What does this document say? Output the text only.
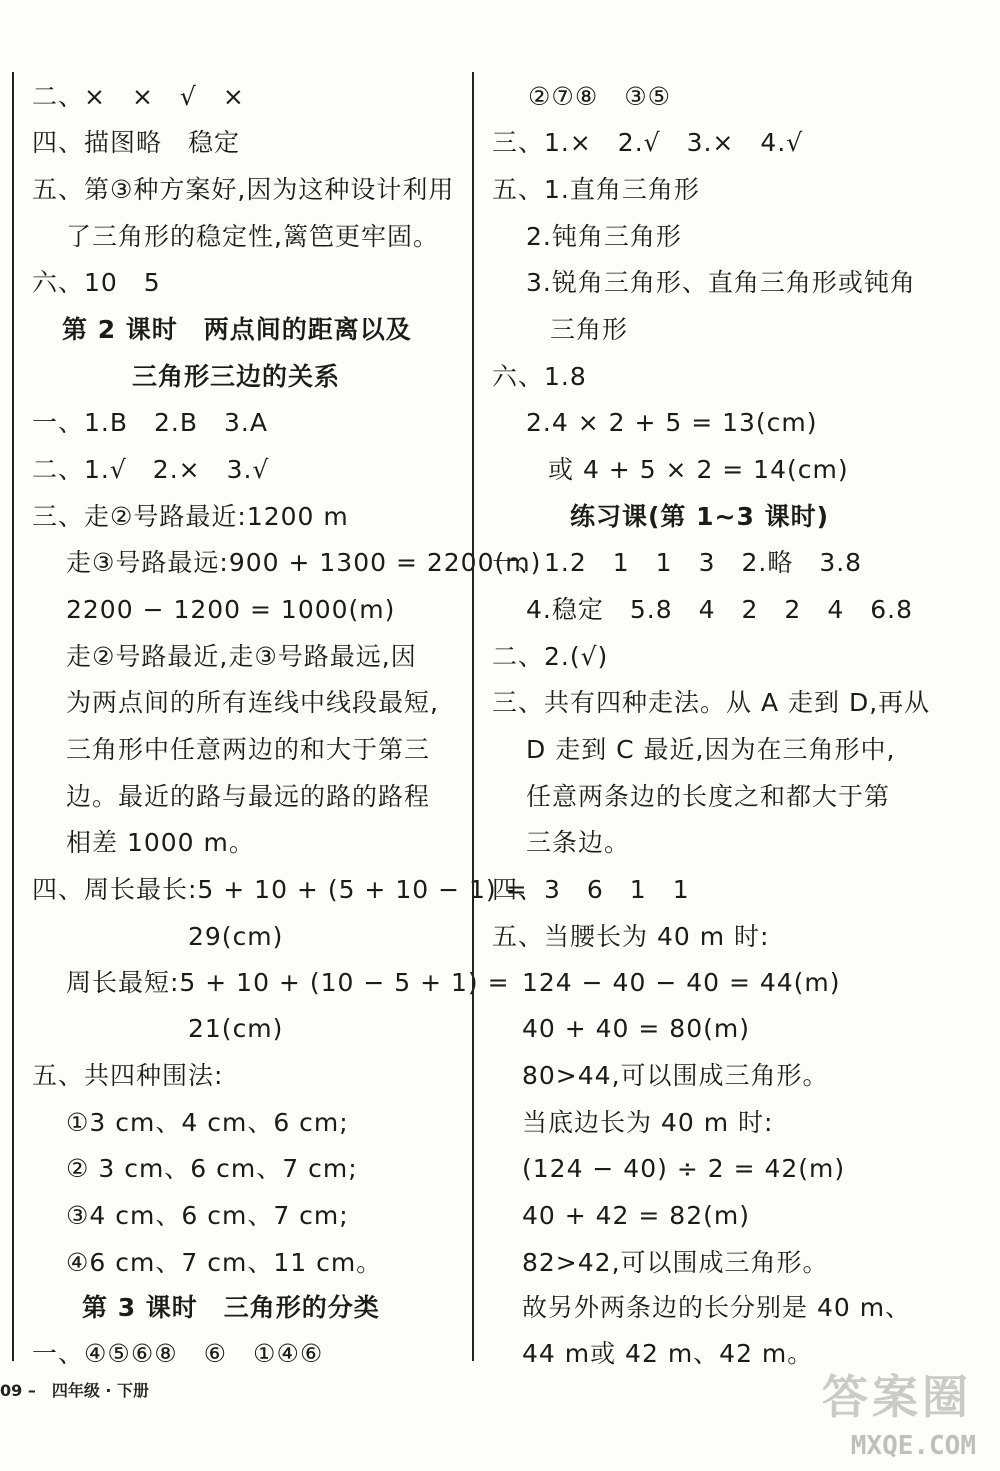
二、×　×　√　×
四、描图略　稳定
五、第③种方案好,因为这种设计利用
了三角形的稳定性,篱笆更牢固。
六、10　5
第 2 课时　两点间的距离以及
三角形三边的关系
一、1.B　2.B　3.A
二、1.√　2.×　3.√
三、走②号路最近:1200 m
走③号路最远:900 + 1300 = 2200(m)
2200 − 1200 = 1000(m)
走②号路最近,走③号路最远,因
为两点间的所有连线中线段最短,
三角形中任意两边的和大于第三
边。最近的路与最远的路的路程
相差 1000 m。
四、周长最长:5 + 10 + (5 + 10 − 1) =
29(cm)
周长最短:5 + 10 + (10 − 5 + 1) =
21(cm)
五、共四种围法:
①3 cm、4 cm、6 cm;
② 3 cm、6 cm、7 cm;
③4 cm、6 cm、7 cm;
④6 cm、7 cm、11 cm。
第 3 课时　三角形的分类
一、④⑤⑥⑧　⑥　①④⑥
②⑦⑧　③⑤
三、1.×　2.√　3.×　4.√
五、1.直角三角形
2.钝角三角形
3.锐角三角形、直角三角形或钝角
三角形
六、1.8
2.4 × 2 + 5 = 13(cm)
或 4 + 5 × 2 = 14(cm)
练习课(第 1~3 课时)
一、1.2　1　1　3　2.略　3.8
4.稳定　5.8　4　2　2　4　6.8
二、2.(√)
三、共有四种走法。从 A 走到 D,再从
D 走到 C 最近,因为在三角形中,
任意两条边的长度之和都大于第
三条边。
四、3　6　1　1
五、当腰长为 40 m 时:
124 − 40 − 40 = 44(m)
40 + 40 = 80(m)
80>44,可以围成三角形。
当底边长为 40 m 时:
(124 − 40) ÷ 2 = 42(m)
40 + 42 = 82(m)
82>42,可以围成三角形。
故另外两条边的长分别是 40 m、
44 m或 42 m、42 m。
09 –　四年级 · 下册	答案圈
MXQE.COM
